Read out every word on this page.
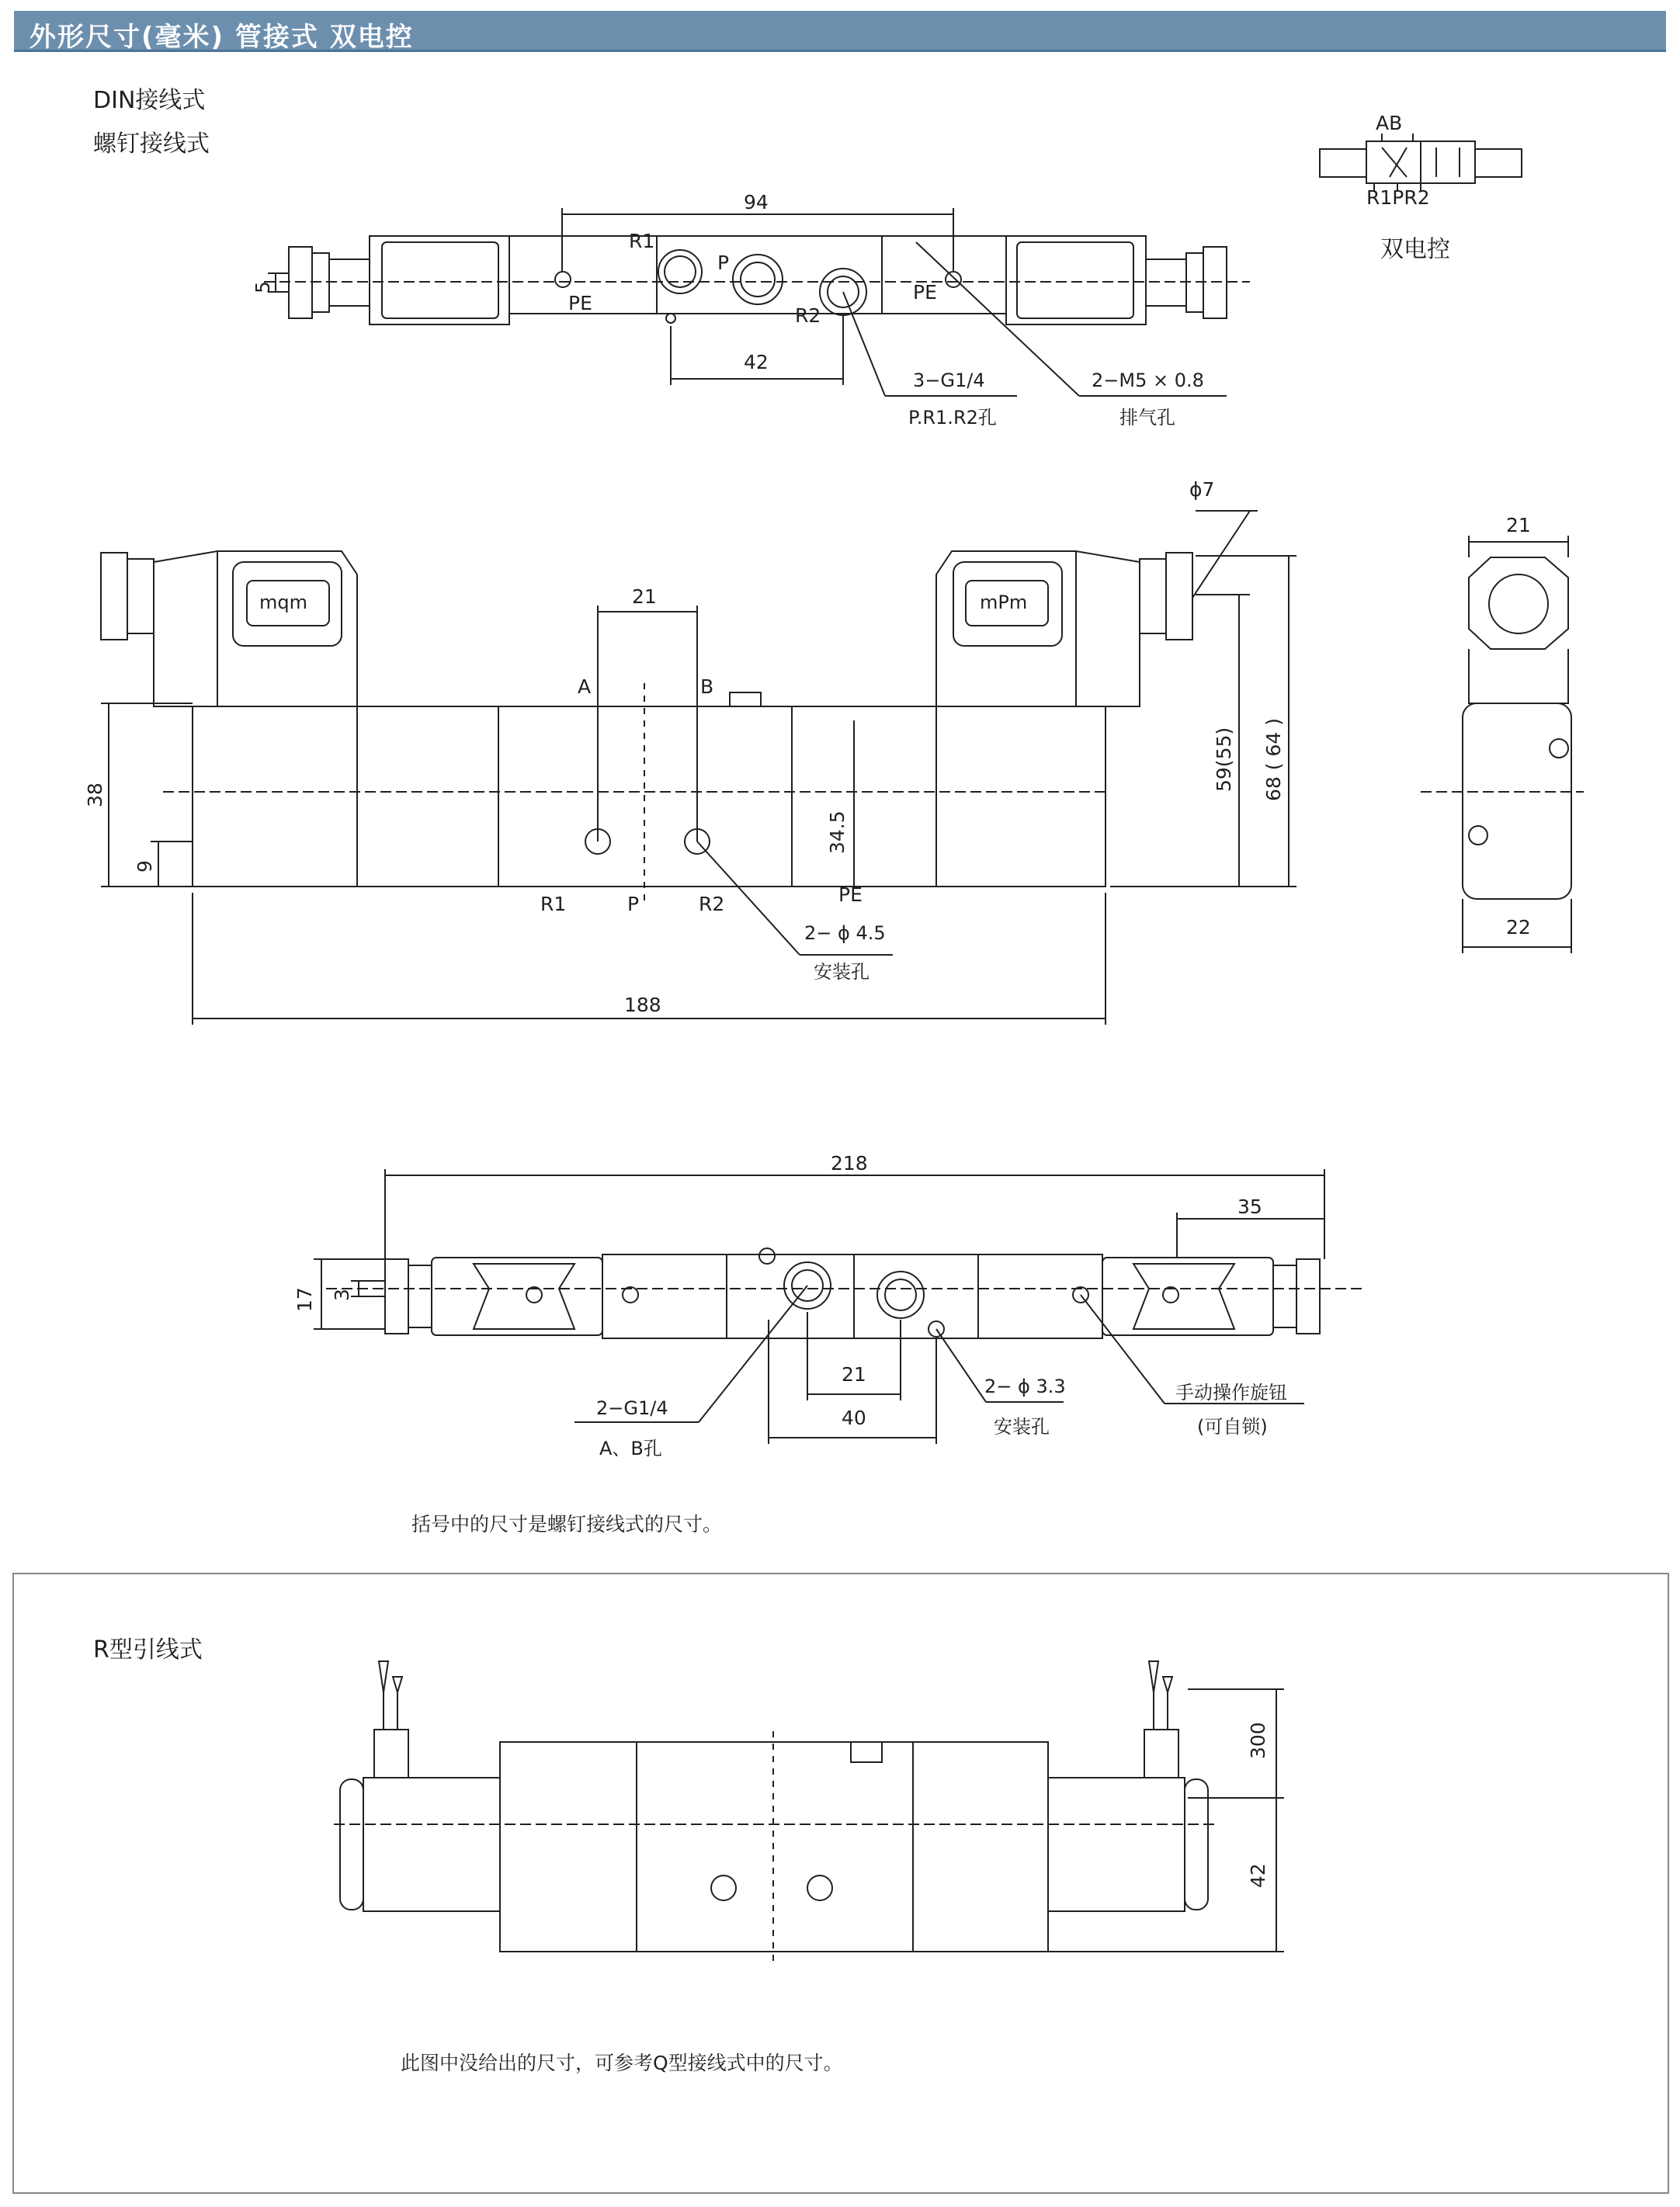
外形尺寸(毫米) 管接式 双电控
DIN接线式
螺钉接线式
AB
R1PR2
双电控
94
5
42
R1
P
R2
PE	PE
3−G1/4
P.R1.R2孔
2−M5 × 0.8
排气孔
ϕ7
21
A	B
mqm	mPm
38
9
34.5
59(55) 68 ( 64 )
R1	P	R2	PE
2− ϕ 4.5
安装孔
188
21
22
218
35
17 3
21
40
2−G1/4
A、B孔
2− ϕ 3.3
安装孔
手动操作旋钮
(可自锁)
括号中的尺寸是螺钉接线式的尺寸。
R型引线式
300
42
此图中没给出的尺寸，可参考Q型接线式中的尺寸。
